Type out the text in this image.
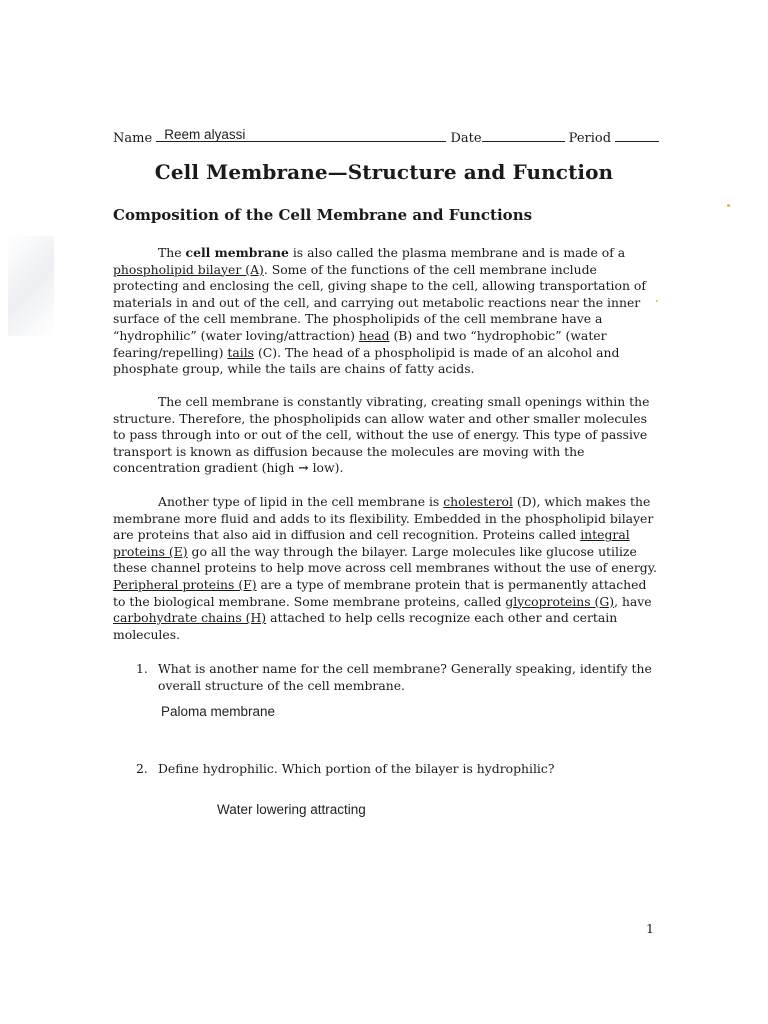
Name Reem alyassi	Date	Period
Cell Membrane—Structure and Function
Composition of the Cell Membrane and Functions
The cell membrane is also called the plasma membrane and is made of a phospholipid bilayer (A). Some of the functions of the cell membrane include protecting and enclosing the cell, giving shape to the cell, allowing transportation of materials in and out of the cell, and carrying out metabolic reactions near the inner surface of the cell membrane. The phospholipids of the cell membrane have a “hydrophilic” (water loving/attraction) head (B) and two “hydrophobic” (water fearing/repelling) tails (C). The head of a phospholipid is made of an alcohol and phosphate group, while the tails are chains of fatty acids.
The cell membrane is constantly vibrating, creating small openings within the structure. Therefore, the phospholipids can allow water and other smaller molecules to pass through into or out of the cell, without the use of energy. This type of passive transport is known as diffusion because the molecules are moving with the concentration gradient (high → low).
Another type of lipid in the cell membrane is cholesterol (D), which makes the membrane more fluid and adds to its flexibility. Embedded in the phospholipid bilayer are proteins that also aid in diffusion and cell recognition. Proteins called integral proteins (E) go all the way through the bilayer. Large molecules like glucose utilize these channel proteins to help move across cell membranes without the use of energy. Peripheral proteins (F) are a type of membrane protein that is permanently attached to the biological membrane. Some membrane proteins, called glycoproteins (G), have carbohydrate chains (H) attached to help cells recognize each other and certain molecules.
1. What is another name for the cell membrane? Generally speaking, identify the overall structure of the cell membrane.
Paloma membrane
2. Define hydrophilic. Which portion of the bilayer is hydrophilic?
Water lowering attracting
1
